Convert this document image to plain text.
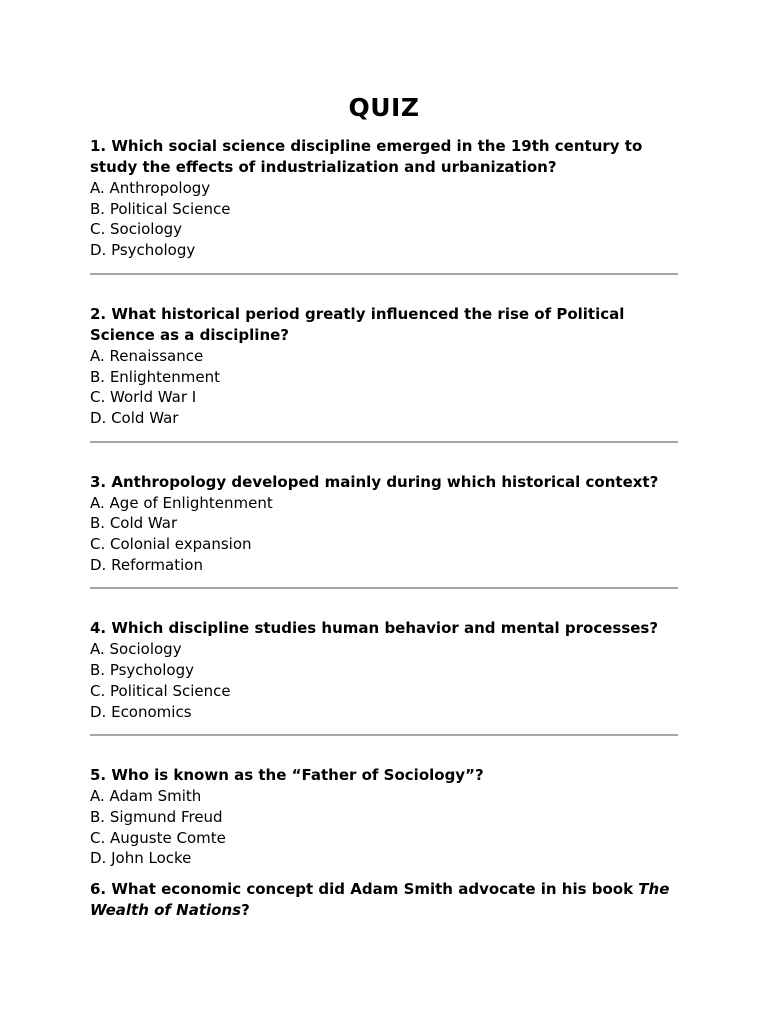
QUIZ
1. Which social science discipline emerged in the 19th century to study the effects of industrialization and urbanization?
A. Anthropology
B. Political Science
C. Sociology
D. Psychology
2. What historical period greatly influenced the rise of Political Science as a discipline?
A. Renaissance
B. Enlightenment
C. World War I
D. Cold War
3. Anthropology developed mainly during which historical context?
A. Age of Enlightenment
B. Cold War
C. Colonial expansion
D. Reformation
4. Which discipline studies human behavior and mental processes?
A. Sociology
B. Psychology
C. Political Science
D. Economics
5. Who is known as the “Father of Sociology”?
A. Adam Smith
B. Sigmund Freud
C. Auguste Comte
D. John Locke
6. What economic concept did Adam Smith advocate in his book The Wealth of Nations?
